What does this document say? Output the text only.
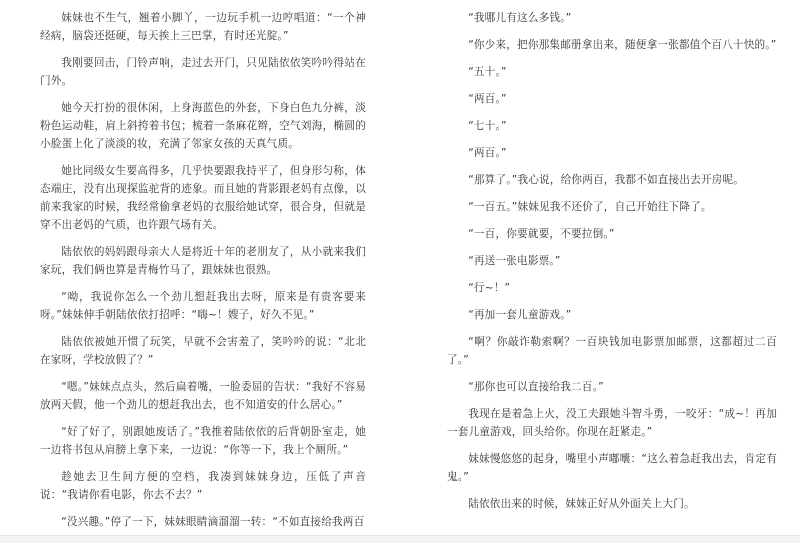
妹妹也不生气，翘着小脚丫，一边玩手机一边哼唱道：“一个神经病，脑袋还挺硬，每天挨上三巴掌，有时还光腚。”

我刚要回击，门铃声响，走过去开门，只见陆依依笑吟吟得站在门外。

她今天打扮的很休闲，上身海蓝色的外套，下身白色九分裤，淡粉色运动鞋，肩上斜挎着书包；梳着一条麻花辫，空气刘海，椭圆的小脸蛋上化了淡淡的妆，充满了邻家女孩的天真气质。

她比同级女生要高得多，几乎快要跟我持平了，但身形匀称，体态端庄，没有出现探监驼背的迹象。而且她的背影跟老妈有点像，以前来我家的时候，我经常偷拿老妈的衣服给她试穿，很合身，但就是穿不出老妈的气质，也许跟气场有关。

陆依依的妈妈跟母亲大人是将近十年的老朋友了，从小就来我们家玩，我们俩也算是青梅竹马了，跟妹妹也很熟。

“呦，我说你怎么一个劲儿想赶我出去呀，原来是有贵客要来呀。”妹妹伸手朝陆依依打招呼：“嗨~！嫂子，好久不见。”

陆依依被她开惯了玩笑，早就不会害羞了，笑吟吟的说：“北北在家呀，学校放假了？”

“嗯。”妹妹点点头，然后扁着嘴，一脸委屈的告状：“我好不容易放两天假，他一个劲儿的想赶我出去，也不知道安的什么居心。”

“好了好了，别跟她废话了。”我推着陆依依的后背朝卧室走，她一边将书包从肩膀上拿下来，一边说：“你等一下，我上个厕所。”

趁她去卫生间方便的空档，我凑到妹妹身边，压低了声音说：“我请你看电影，你去不去？”

“没兴趣。”停了一下，妹妹眼睛滴溜溜一转：“不如直接给我两百

“我哪儿有这么多钱。”

“你少来，把你那集邮册拿出来，随便拿一张都值个百八十快的。”

“五十。”

“两百。”

“七十。”

“两百。”

“那算了。”我心说，给你两百，我都不如直接出去开房呢。

“一百五。”妹妹见我不还价了，自己开始往下降了。

“一百，你要就要，不要拉倒。”

“再送一张电影票。”

“行~！”

“再加一套儿童游戏。”

“啊？你敲诈勒索啊？一百块钱加电影票加邮票，这都超过二百了。”

“那你也可以直接给我二百。”

我现在是着急上火，没工夫跟她斗智斗勇，一咬牙：“成~！再加一套儿童游戏，回头给你。你现在赶紧走。”

妹妹慢悠悠的起身，嘴里小声嘟囔：“这么着急赶我出去，肯定有鬼。”

陆依依出来的时候，妹妹正好从外面关上大门。
